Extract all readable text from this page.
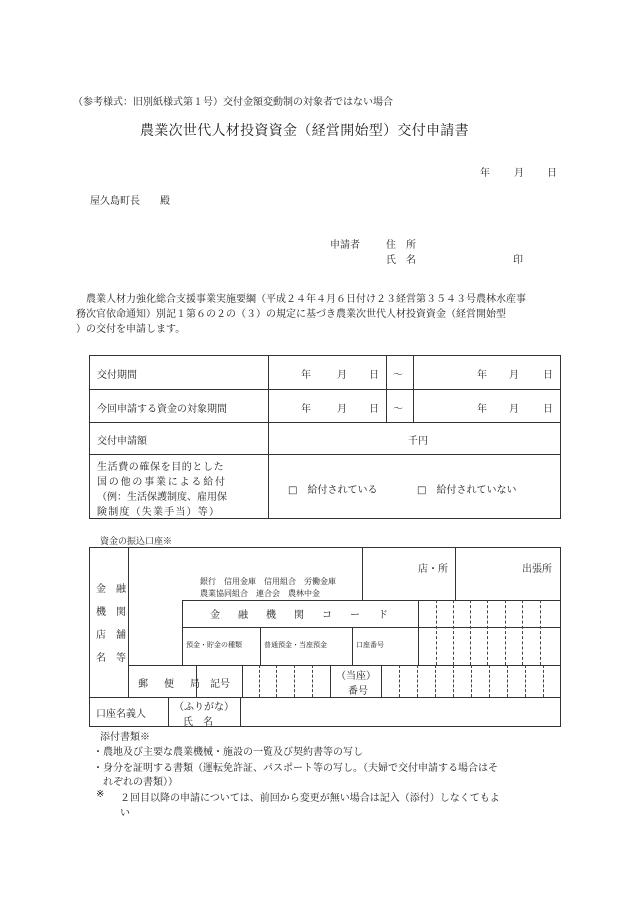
（参考様式：旧別紙様式第１号）交付金額変動制の対象者ではない場合
農業次世代人材投資資金（経営開始型）交付申請書
年 月 日
屋久島町長　　殿
申請者	住　所
氏　名	印
　農業人材力強化総合支援事業実施要綱（平成２４年４月６日付け２３経営第３５４３号農林水産事
務次官依命通知）別記１第６の２の（３）の規定に基づき農業次世代人材投資資金（経営開始型
）の交付を申請します。
交付期間	年	月 日 ～	年 月 日
今回申請する資金の対象期間	年	月 日 ～	年 月 日
交付申請額	千円
生活費の確保を目的とした
国の他の事業による給付
（例：生活保護制度、雇用保
険制度（失業手当）等）
□　給付されている	□　給付されていない
資金の振込口座※
金　融
機　関
店　舗
名　等
銀行　信用金庫　信用組合　労働金庫
農業協同組合　連合会　農林中金
店・所	出張所
金　融　機　関　コ　ー　ド
預金・貯金の種類	普通預金・当座預金	口座番号
郵　便　局 記号
（当座）
番号
口座名義人
（ふりがな）
氏　名
添付書類※
・農地及び主要な農業機械・施設の一覧及び契約書等の写し
・身分を証明する書類（運転免許証、パスポート等の写し。（夫婦で交付申請する場合はそ
　れぞれの書類））
※ ２回目以降の申請については、前回から変更が無い場合は記入（添付）しなくてもよ
い
